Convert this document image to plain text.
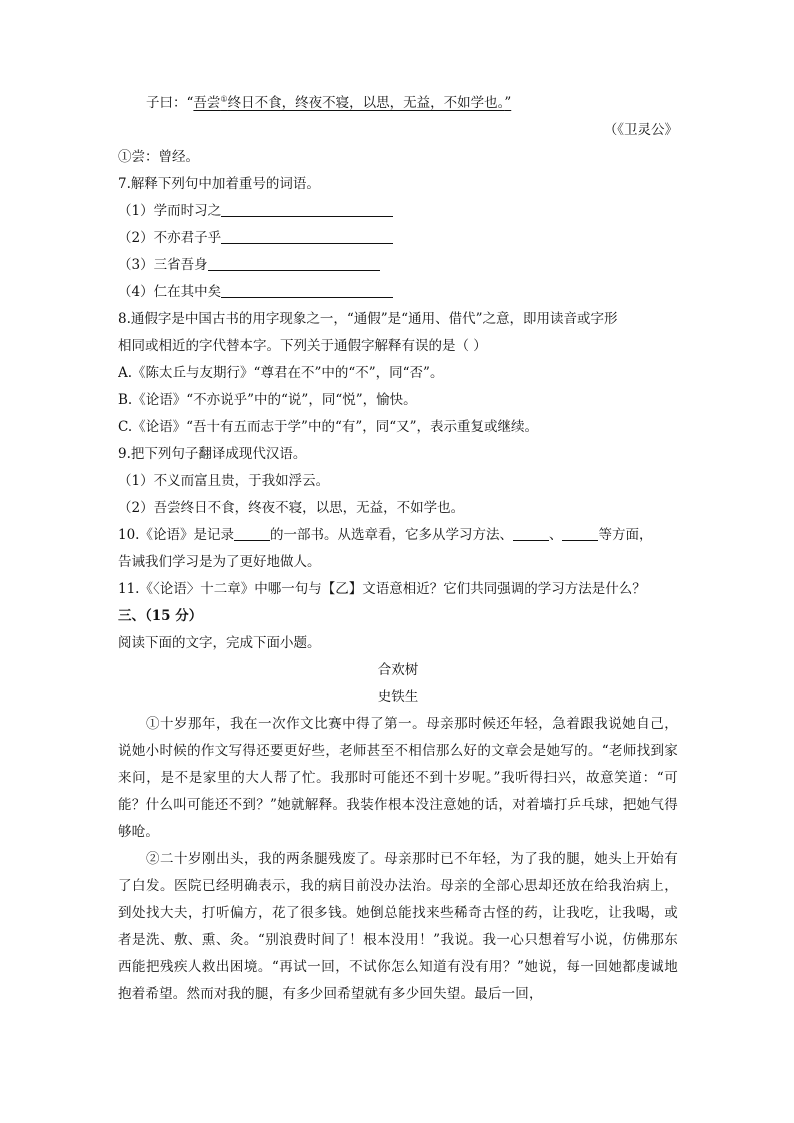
子曰：“吾尝①终日不食，终夜不寝，以思，无益，不如学也。”
（《卫灵公》
①尝：曾经。
7.解释下列句中加着重号的词语。
（1）学而时习之
（2）不亦君子乎
（3）三省吾身
（4）仁在其中矣
8.通假字是中国古书的用字现象之一，“通假”是“通用、借代”之意，即用读音或字形
相同或相近的字代替本字。下列关于通假字解释有误的是（ ）
A.《陈太丘与友期行》“尊君在不”中的“不”，同“否”。
B.《论语》“不亦说乎”中的“说”，同“悦”，愉快。
C.《论语》“吾十有五而志于学”中的“有”，同“又”，表示重复或继续。
9.把下列句子翻译成现代汉语。
（1）不义而富且贵，于我如浮云。
（2）吾尝终日不食，终夜不寝，以思，无益，不如学也。
10.《论语》是记录	的一部书。从选章看，它多从学习方法、	、	等方面，
告诫我们学习是为了更好地做人。
11.《〈论语〉十二章》中哪一句与【乙】文语意相近？它们共同强调的学习方法是什么？
三、（15 分）
阅读下面的文字，完成下面小题。
合欢树
史铁生
①十岁那年，我在一次作文比赛中得了第一。母亲那时候还年轻，急着跟我说她自己，说她小时候的作文写得还要更好些，老师甚至不相信那么好的文章会是她写的。“老师找到家来问，是不是家里的大人帮了忙。我那时可能还不到十岁呢。”我听得扫兴，故意笑道：“可能？什么叫可能还不到？”她就解释。我装作根本没注意她的话，对着墙打乒乓球，把她气得够呛。
②二十岁刚出头，我的两条腿残废了。母亲那时已不年轻，为了我的腿，她头上开始有了白发。医院已经明确表示，我的病目前没办法治。母亲的全部心思却还放在给我治病上，到处找大夫，打听偏方，花了很多钱。她倒总能找来些稀奇古怪的药，让我吃，让我喝，或者是洗、敷、熏、灸。“别浪费时间了！根本没用！”我说。我一心只想着写小说，仿佛那东西能把残疾人救出困境。“再试一回，不试你怎么知道有没有用？”她说，每一回她都虔诚地抱着希望。然而对我的腿，有多少回希望就有多少回失望。最后一回，
